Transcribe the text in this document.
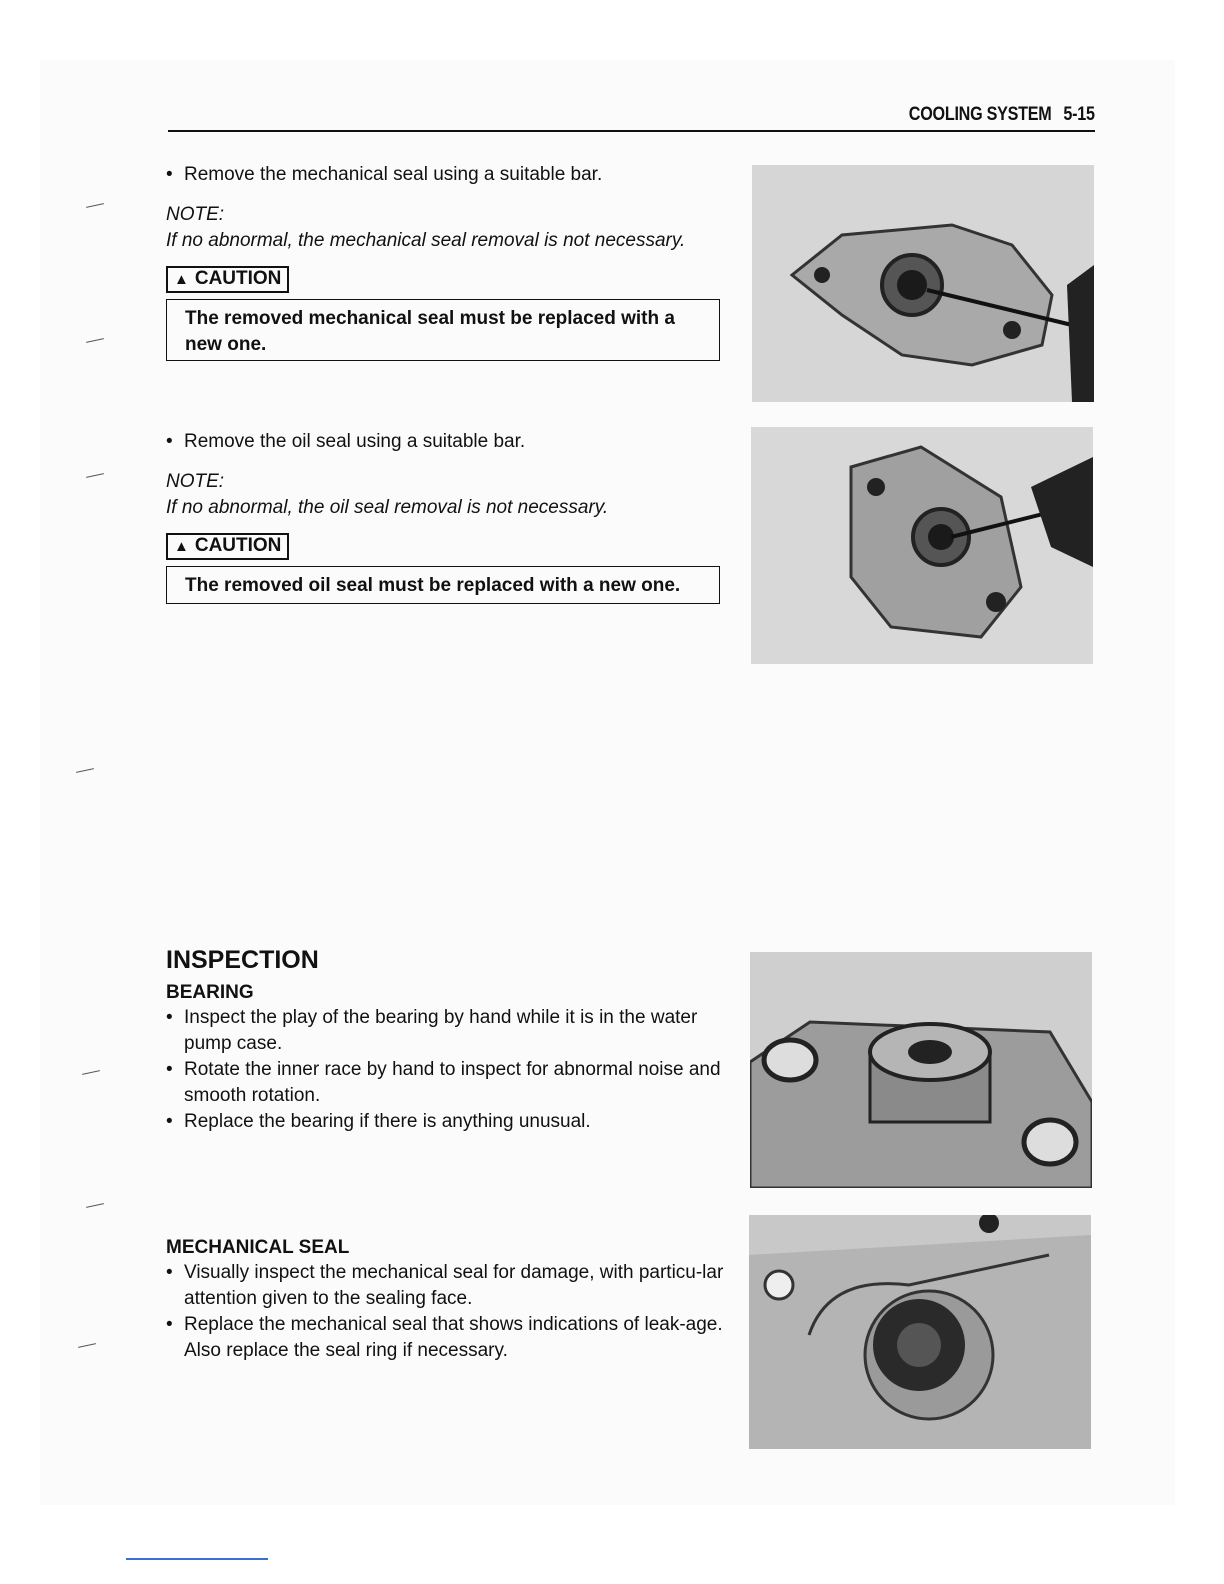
COOLING SYSTEM 5-15
• Remove the mechanical seal using a suitable bar.
NOTE:
If no abnormal, the mechanical seal removal is not necessary.
▲ CAUTION
The removed mechanical seal must be replaced with a new one.
• Remove the oil seal using a suitable bar.
NOTE:
If no abnormal, the oil seal removal is not necessary.
▲ CAUTION
The removed oil seal must be replaced with a new one.
INSPECTION
BEARING
• Inspect the play of the bearing by hand while it is in the water pump case.
• Rotate the inner race by hand to inspect for abnormal noise and smooth rotation.
• Replace the bearing if there is anything unusual.
MECHANICAL SEAL
• Visually inspect the mechanical seal for damage, with particu-lar attention given to the sealing face.
• Replace the mechanical seal that shows indications of leak-age. Also replace the seal ring if necessary.
